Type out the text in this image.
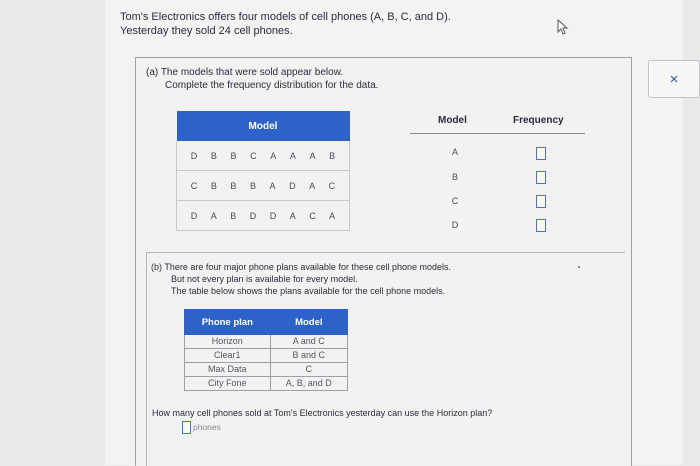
Tom's Electronics offers four models of cell phones (A, B, C, and D).
Yesterday they sold 24 cell phones.
×
(a) The models that were sold appear below.
Complete the frequency distribution for the data.
Model

D B B C A A A B

C B B B A D A C

D A B D D A C A
Model	Frequency
A
B
C
D
(b) There are four major phone plans available for these cell phone models.
But not every plan is available for every model.
The table below shows the plans available for the cell phone models.
Phone plan	Model
Horizon	A and C
Clear1	B and C
Max Data	C
City Fone	A, B, and D
How many cell phones sold at Tom's Electronics yesterday can use the Horizon plan?
phones
